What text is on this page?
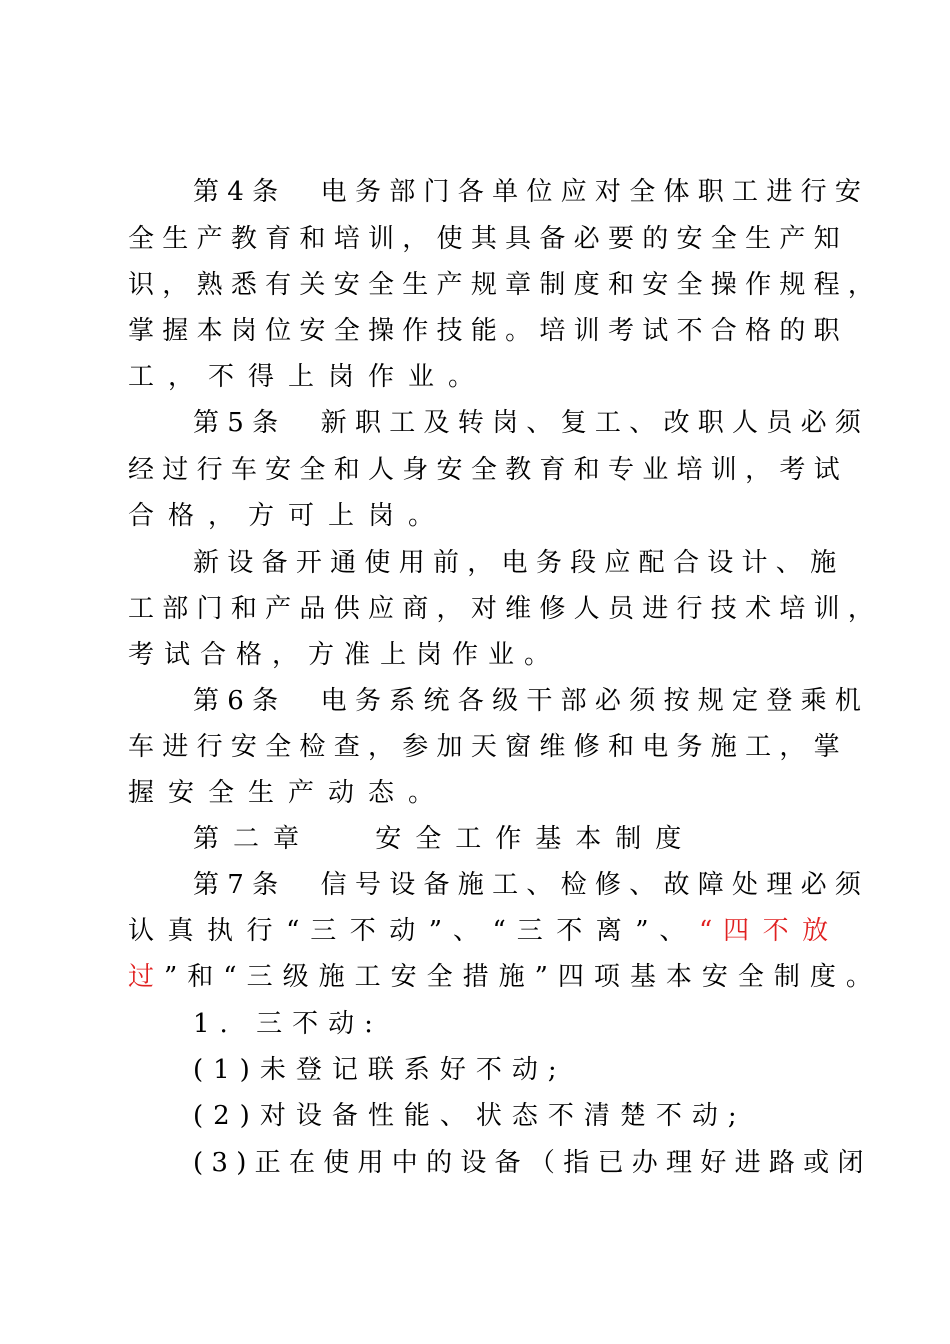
第 4 条 　 电 务 部 门 各 单 位 应 对 全 体 职 工 进 行 安
全 生 产 教 育 和 培 训 ， 使 其 具 备 必 要 的 安 全 生 产 知
识 ， 熟 悉 有 关 安 全 生 产 规 章 制 度 和 安 全 操 作 规 程 ，
掌 握 本 岗 位 安 全 操 作 技 能 。 培 训 考 试 不 合 格 的 职
工，不得上岗作业。
第 5 条 　 新 职 工 及 转 岗 、 复 工 、 改 职 人 员 必 须
经 过 行 车 安 全 和 人 身 安 全 教 育 和 专 业 培 训 ， 考 试
合格，方可上岗。
新 设 备 开 通 使 用 前 ， 电 务 段 应 配 合 设 计 、 施
工 部 门 和 产 品 供 应 商 ， 对 维 修 人 员 进 行 技 术 培 训 ，
考试合格，方准上岗作业。
第 6 条 　 电 务 系 统 各 级 干 部 必 须 按 规 定 登 乘 机
车 进 行 安 全 检 查 ， 参 加 天 窗 维 修 和 电 务 施 工 ， 掌
握安全生产动态。
第二章　 安全工作基本制度
第 7 条 　 信 号 设 备 施 工 、 检 修 、 故 障 处 理 必 须
认 真 执 行 “ 三 不 动 ” 、 “ 三 不 离 ” 、 “ 四 不 放
过”和“三级施工安全措施”四项基本安全制度。
1. 三不动:
(1)未登记联系好不动;
(2)对设备性能、状态不清楚不动;
( 3 ) 正 在 使 用 中 的 设 备 （ 指 已 办 理 好 进 路 或 闭
